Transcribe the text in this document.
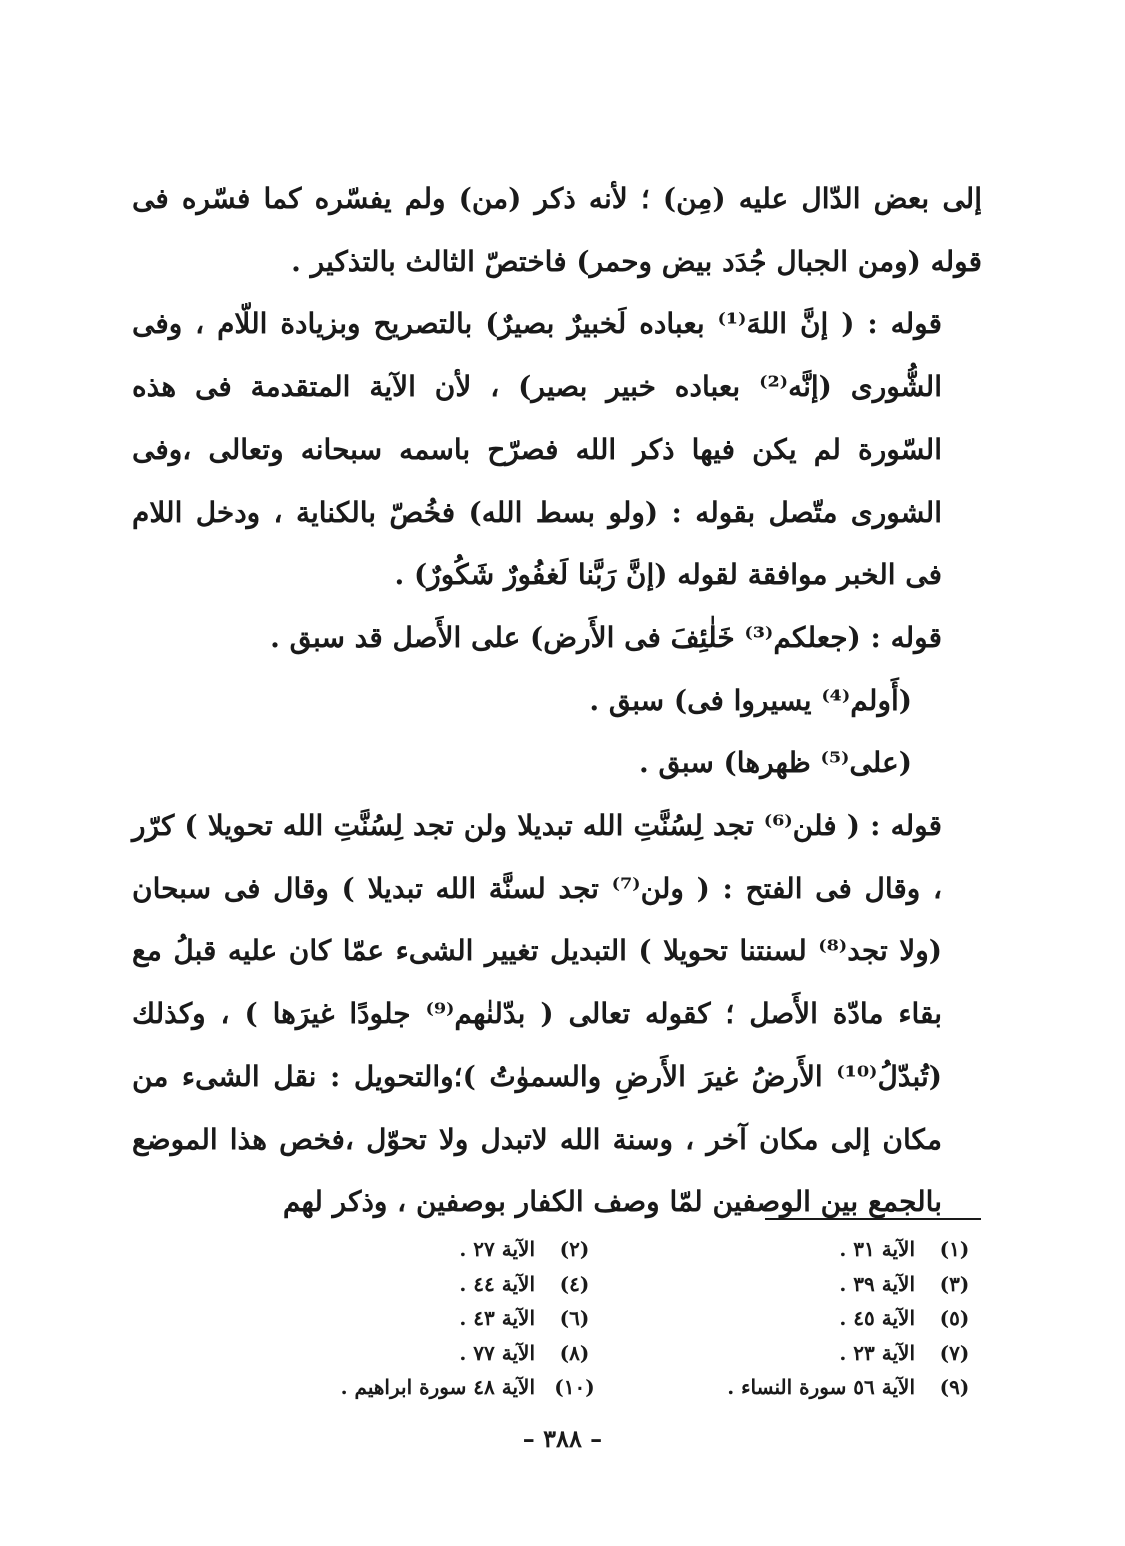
إلى بعض الدّال عليه (مِن) ؛ لأنه ذكر (من) ولم يفسّره كما فسّره فى قوله (ومن الجبال جُدَد بيض وحمر) فاختصّ الثالث بالتذكير .

قوله : ( إنَّ اللهَ⁽¹⁾ بعباده لَخبيرٌ بصيرٌ) بالتصريح وبزيادة اللّام ، وفى الشُّورى (إنَّه⁽²⁾ بعباده خبير بصير) ، لأن الآية المتقدمة فى هذه السّورة لم يكن فيها ذكر الله فصرّح باسمه سبحانه وتعالى ،وفى الشورى متّصل بقوله : (ولو بسط الله) فخُصّ بالكناية ، ودخل اللام فى الخبر موافقة لقوله (إنَّ رَبَّنا لَغفُورٌ شَكُورٌ) .

قوله : (جعلكم⁽³⁾ خَلٰئِفَ فى الأَرض) على الأَصل قد سبق .

(أَولم⁽⁴⁾ يسيروا فى) سبق .

(على⁽⁵⁾ ظهرها) سبق .

قوله : ( فلن⁽⁶⁾ تجد لِسُنَّتِ الله تبديلا ولن تجد لِسُنَّتِ الله تحويلا ) كرّر ، وقال فى الفتح : ( ولن⁽⁷⁾ تجد لسنَّة الله تبديلا ) وقال فى سبحان (ولا تجد⁽⁸⁾ لسنتنا تحويلا ) التبديل تغيير الشىء عمّا كان عليه قبلُ مع بقاء مادّة الأَصل ؛ كقوله تعالى ( بدّلنٰهم⁽⁹⁾ جلودًا غيرَها ) ، وكذلك (تُبدّلُ⁽¹⁰⁾ الأَرضُ غيرَ الأَرضِ والسموٰتُ )؛والتحويل : نقل الشىء من مكان إلى مكان آخر ، وسنة الله لاتبدل ولا تحوّل ،فخص هذا الموضع بالجمع بين الوصفين لمّا وصف الكفار بوصفين ، وذكر لهم

(١)
الآية ٣١ .
(٢)
الآية ٢٧ .
(٣)
الآية ٣٩ .
(٤)
الآية ٤٤ .
(٥)
الآية ٤٥ .
(٦)
الآية ٤٣ .
(٧)
الآية ٢٣ .
(٨)
الآية ٧٧ .
(٩)
الآية ٥٦ سورة النساء .
(١٠)
الآية ٤٨ سورة ابراهيم .
– ٣٨٨ –
